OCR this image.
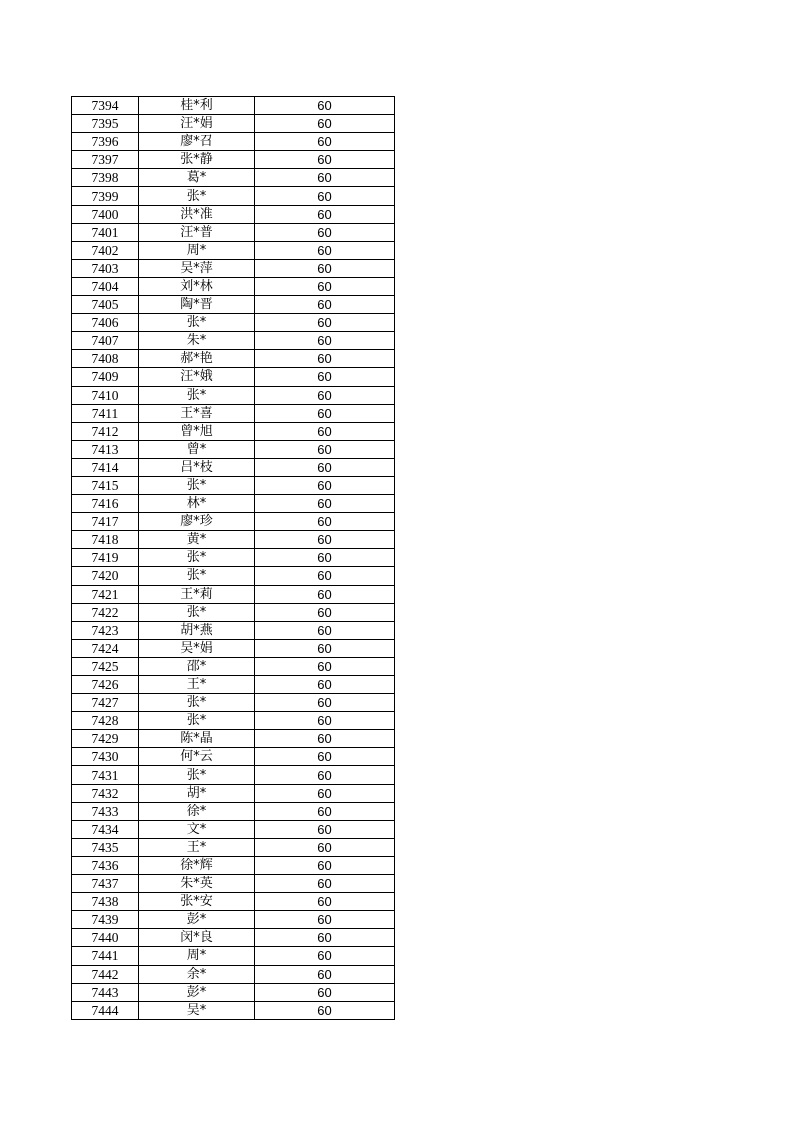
7394	桂*利	60
7395	汪*娟	60
7396	廖*召	60
7397	张*静	60
7398	葛*	60
7399	张*	60
7400	洪*准	60
7401	汪*普	60
7402	周*	60
7403	吴*萍	60
7404	刘*林	60
7405	陶*晋	60
7406	张*	60
7407	朱*	60
7408	郝*艳	60
7409	汪*娥	60
7410	张*	60
7411	王*喜	60
7412	曾*旭	60
7413	曾*	60
7414	吕*枝	60
7415	张*	60
7416	林*	60
7417	廖*珍	60
7418	黄*	60
7419	张*	60
7420	张*	60
7421	王*莉	60
7422	张*	60
7423	胡*燕	60
7424	吴*娟	60
7425	邵*	60
7426	王*	60
7427	张*	60
7428	张*	60
7429	陈*晶	60
7430	何*云	60
7431	张*	60
7432	胡*	60
7433	徐*	60
7434	文*	60
7435	王*	60
7436	徐*辉	60
7437	朱*英	60
7438	张*安	60
7439	彭*	60
7440	闵*良	60
7441	周*	60
7442	余*	60
7443	彭*	60
7444	吴*	60
